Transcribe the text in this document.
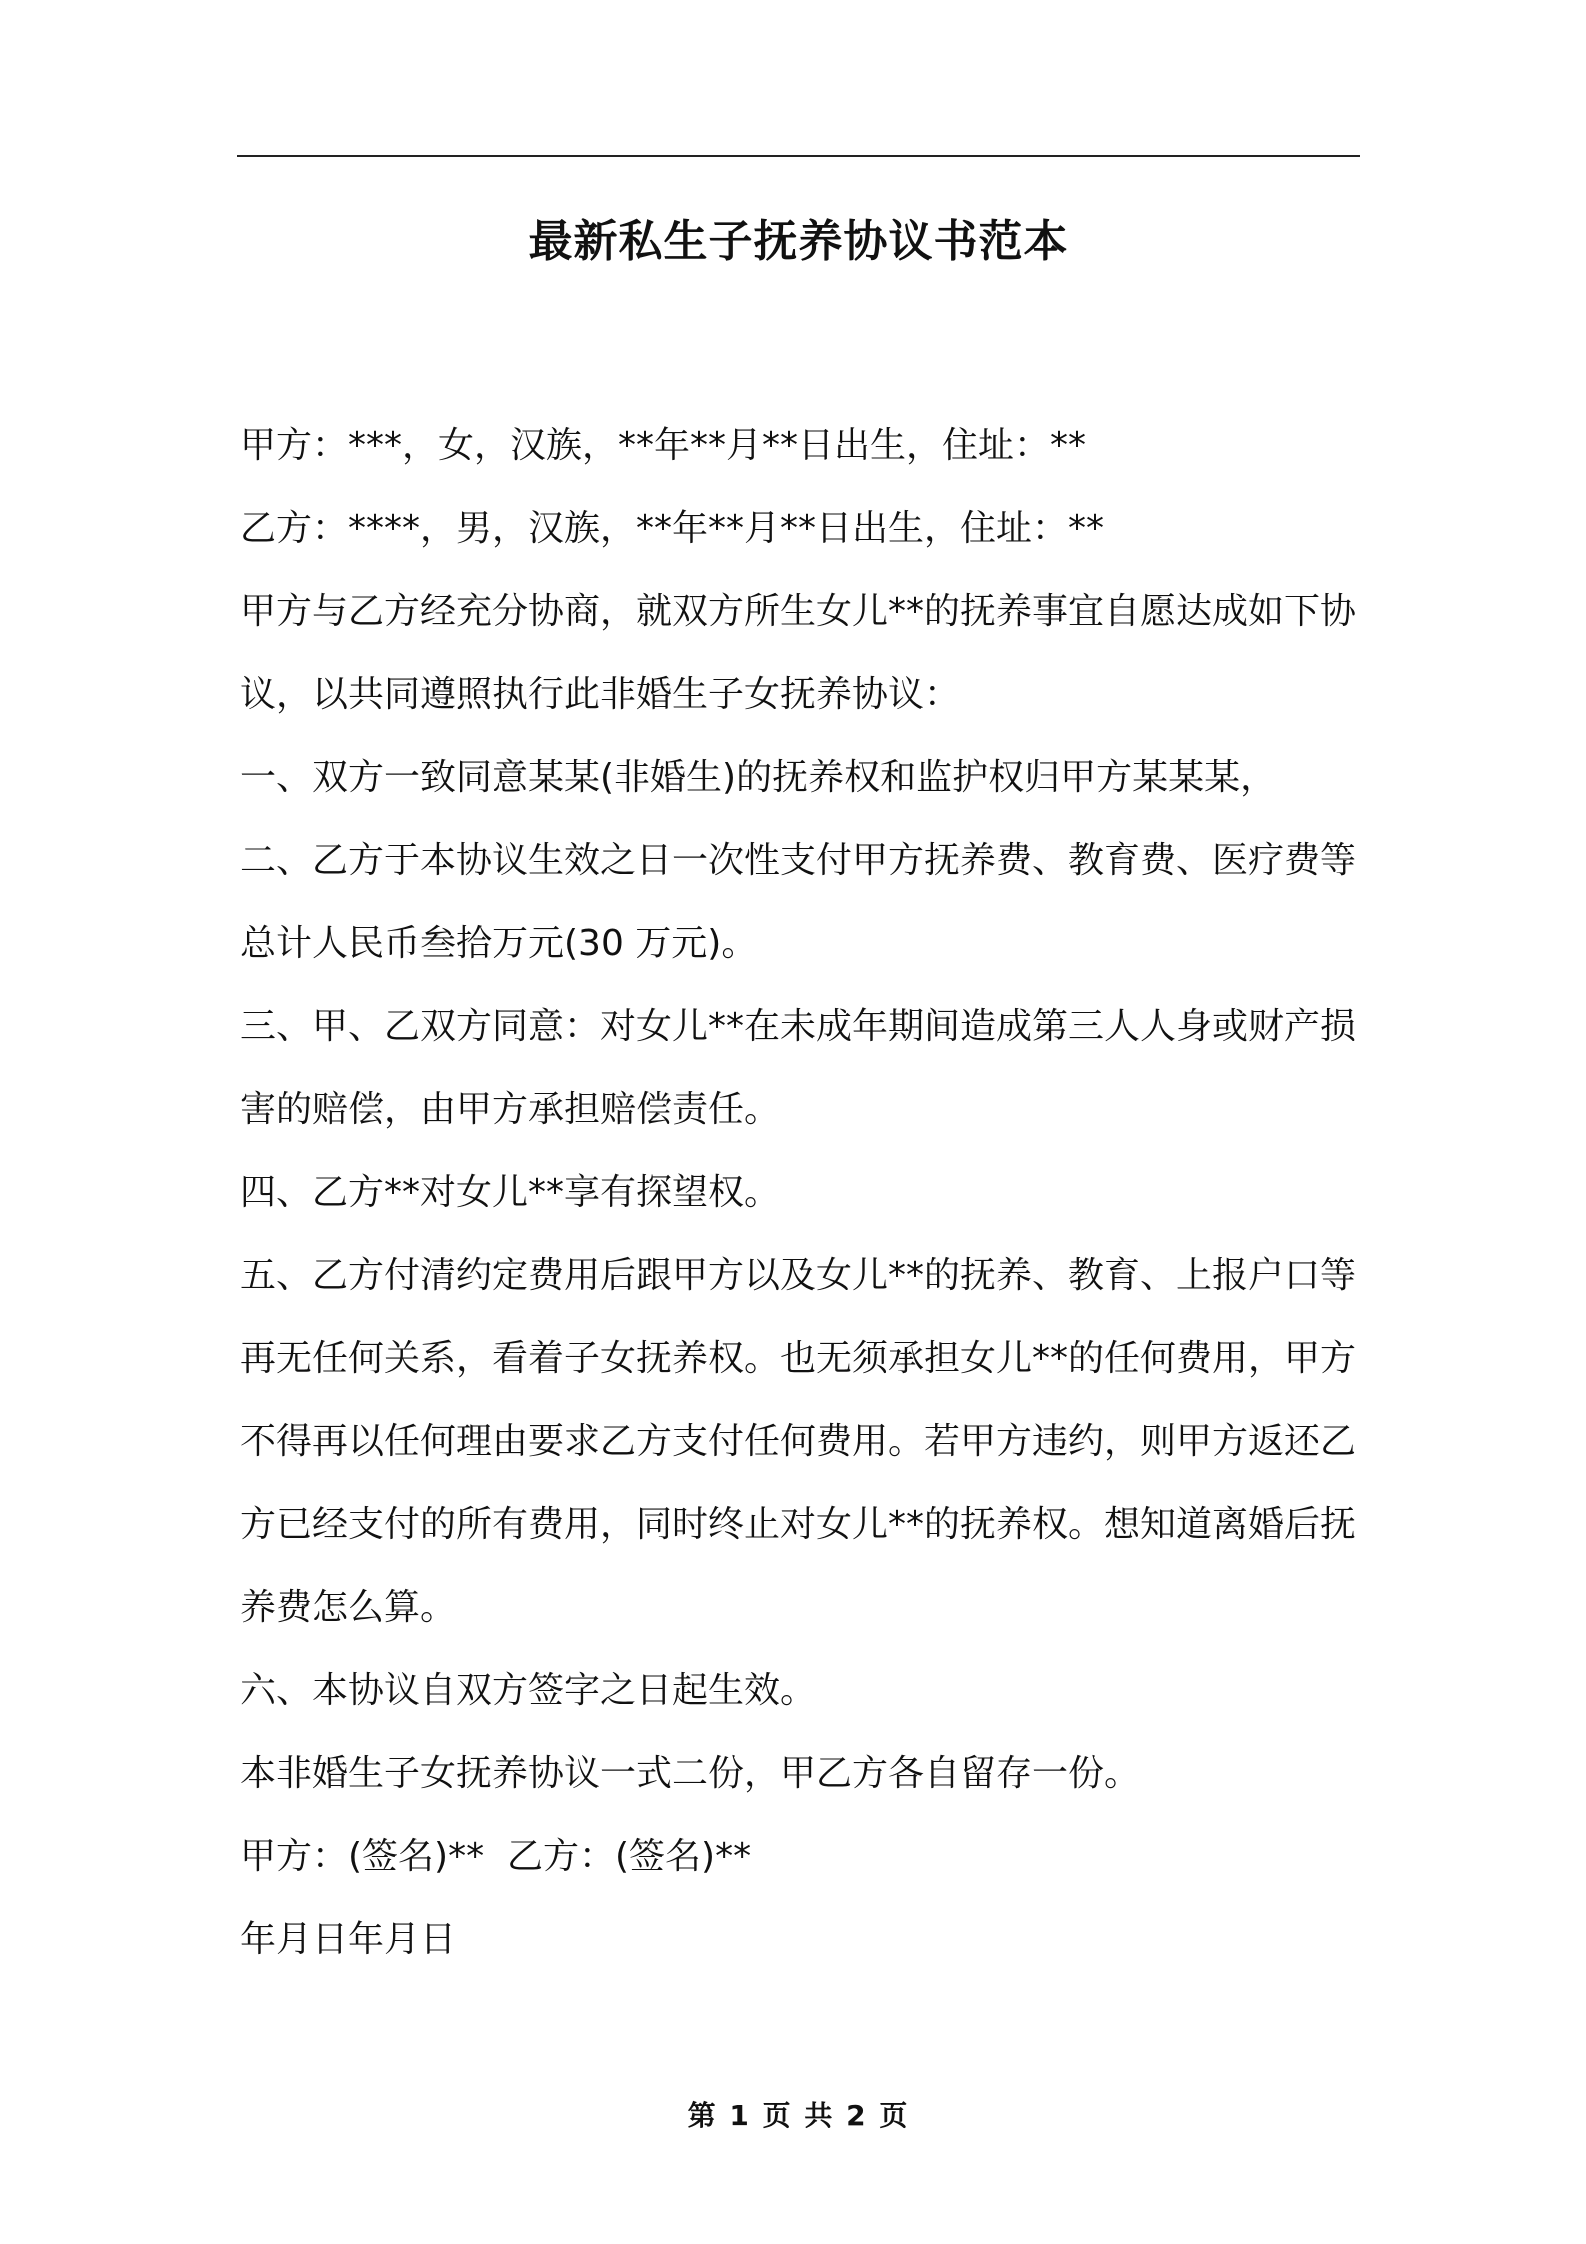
最新私生子抚养协议书范本

甲方：***，女，汉族，**年**月**日出生，住址：**

乙方：****，男，汉族，**年**月**日出生，住址：**

甲方与乙方经充分协商，就双方所生女儿**的抚养事宜自愿达成如下协议，以共同遵照执行此非婚生子女抚养协议：

一、双方一致同意某某(非婚生)的抚养权和监护权归甲方某某某，

二、乙方于本协议生效之日一次性支付甲方抚养费、教育费、医疗费等总计人民币叁拾万元(30 万元)。

三、甲、乙双方同意：对女儿**在未成年期间造成第三人人身或财产损害的赔偿，由甲方承担赔偿责任。

四、乙方**对女儿**享有探望权。

五、乙方付清约定费用后跟甲方以及女儿**的抚养、教育、上报户口等再无任何关系，看着子女抚养权。也无须承担女儿**的任何费用，甲方不得再以任何理由要求乙方支付任何费用。若甲方违约，则甲方返还乙方已经支付的所有费用，同时终止对女儿**的抚养权。想知道离婚后抚养费怎么算。

六、本协议自双方签字之日起生效。

本非婚生子女抚养协议一式二份，甲乙方各自留存一份。

甲方：(签名)**  乙方：(签名)**

年月日年月日

第 1 页 共 2 页
